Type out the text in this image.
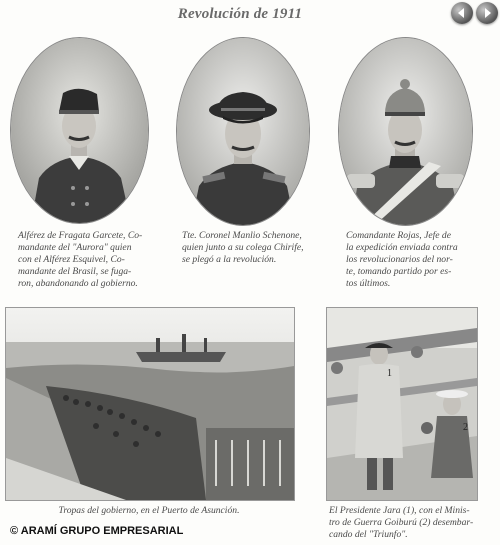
Revolución de 1911
Alférez de Fragata Garcete, Co-
mandante del "Aurora" quien
con el Alférez Esquivel, Co-
mandante del Brasil, se fuga-
ron, abandonando al gobierno.
Tte. Coronel Manlio Schenone,
quien junto a su colega Chirife,
se plegó a la revolución.
Comandante Rojas, Jefe de
la expedición enviada contra
los revolucionarios del nor-
te, tomando partido por es-
tos últimos.
Tropas del gobierno, en el Puerto de Asunción.
1
2
El Presidente Jara (1), con el Minis-
tro de Guerra Goiburú (2) desembar-
cando del "Triunfo".
© ARAMÍ GRUPO EMPRESARIAL
